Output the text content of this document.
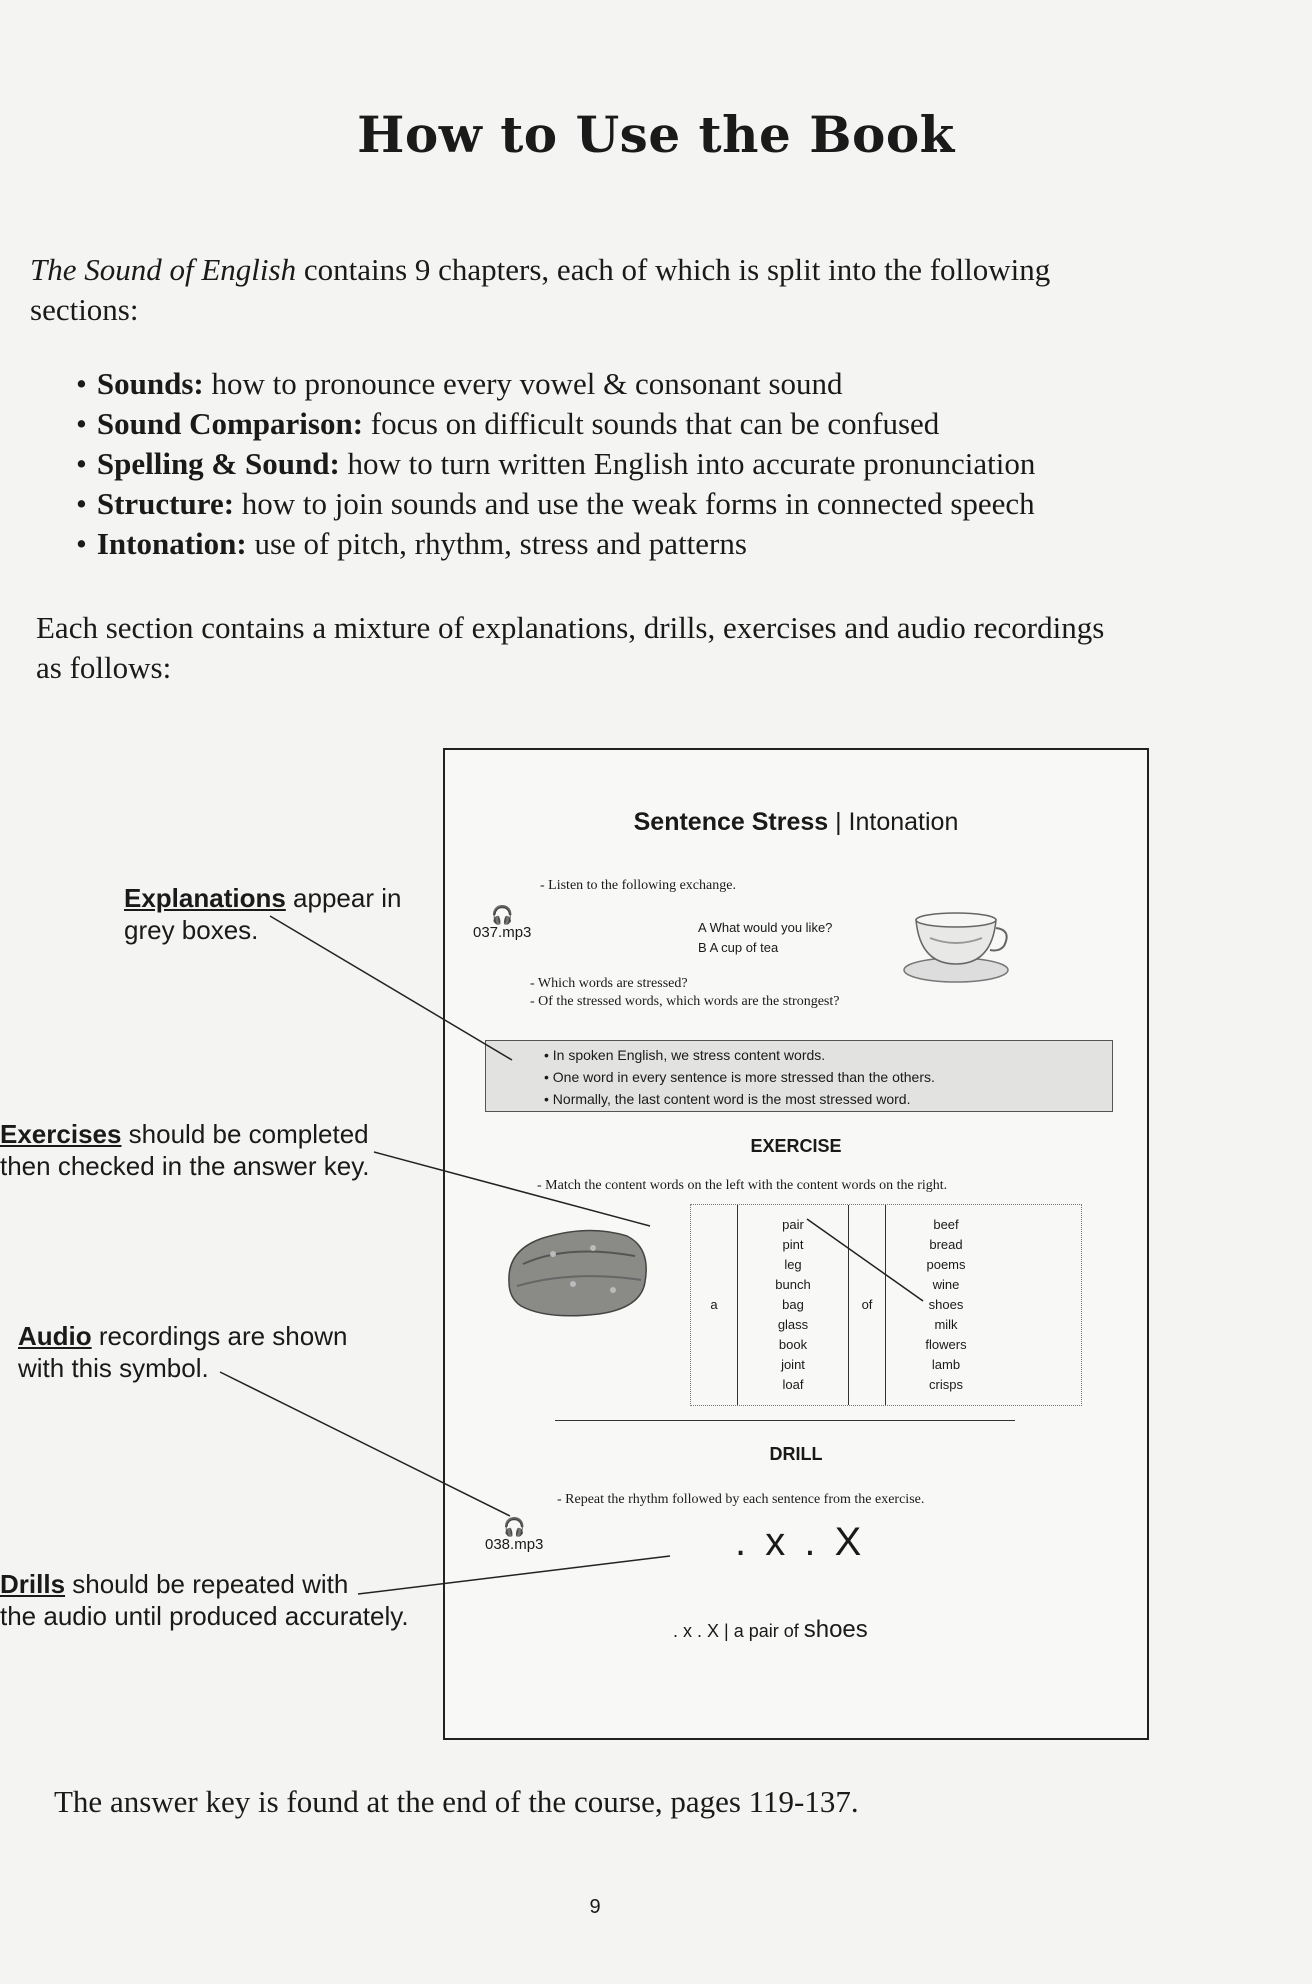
How to Use the Book
The Sound of English contains 9 chapters, each of which is split into the following sections:
• Sounds: how to pronounce every vowel & consonant sound
• Sound Comparison: focus on difficult sounds that can be confused
• Spelling & Sound: how to turn written English into accurate pronunciation
• Structure: how to join sounds and use the weak forms in connected speech
• Intonation: use of pitch, rhythm, stress and patterns
Each section contains a mixture of explanations, drills, exercises and audio recordings as follows:
Sentence Stress | Intonation
- Listen to the following exchange.
🎧
037.mp3	A What would you like?
B A cup of tea
- Which words are stressed?
- Of the stressed words, which words are the strongest?
• In spoken English, we stress content words.
• One word in every sentence is more stressed than the others.
• Normally, the last content word is the most stressed word.
EXERCISE
- Match the content words on the left with the content words on the right.
a
pair
pint
leg
bunch
bag
glass
book
joint
loaf
of
beef
bread
poems
wine
shoes
milk
flowers
lamb
crisps
DRILL
- Repeat the rhythm followed by each sentence from the exercise.
🎧
038.mp3	. x . X
. x . X | a pair of shoes
Explanations appear in
grey boxes.
Exercises should be completed
then checked in the answer key.
Audio recordings are shown
with this symbol.
Drills should be repeated with
the audio until produced accurately.
The answer key is found at the end of the course, pages 119-137.
9
